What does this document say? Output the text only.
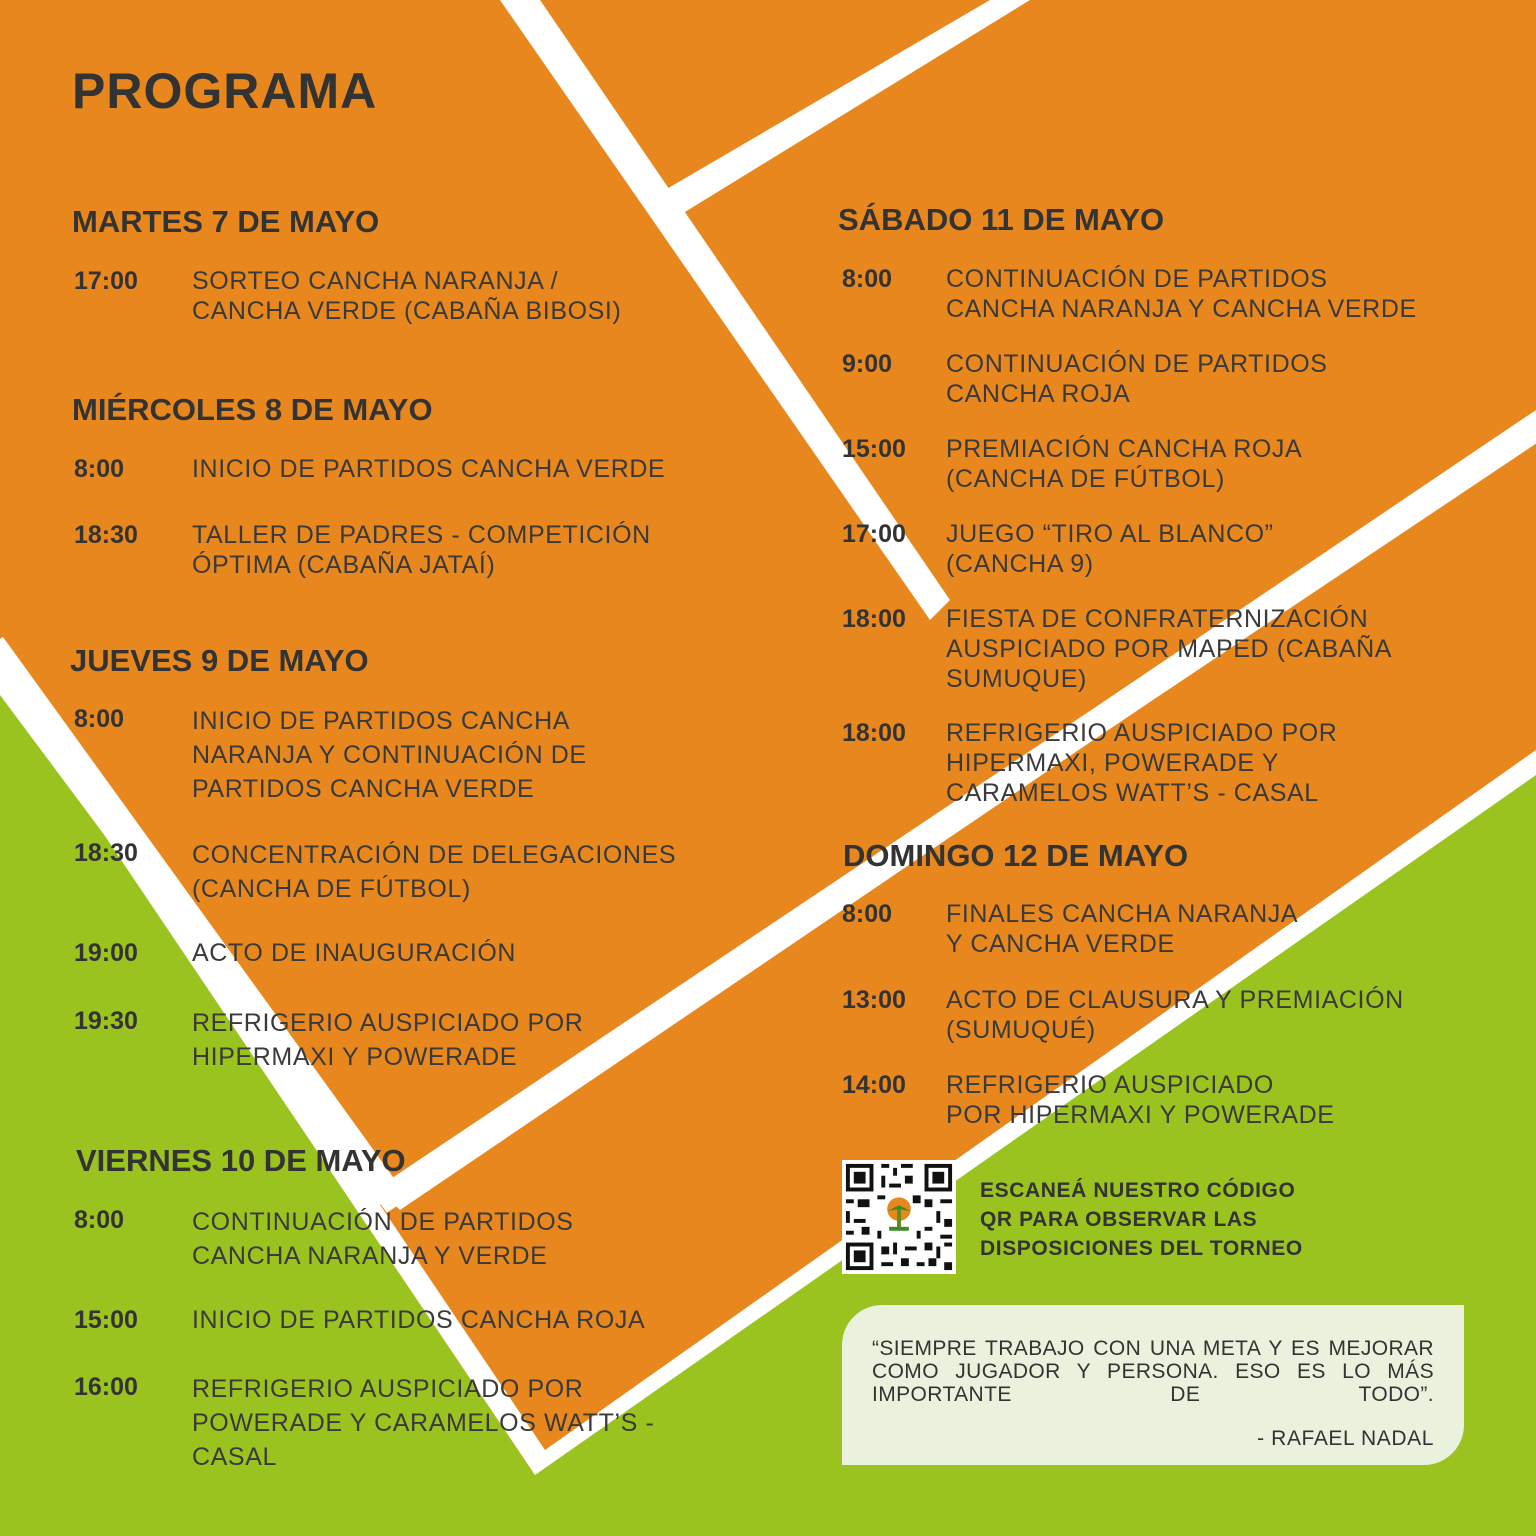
PROGRAMA
MARTES 7 DE MAYO
17:00 SORTEO CANCHA NARANJA /
CANCHA VERDE (CABAÑA BIBOSI)
MIÉRCOLES 8 DE MAYO
8:00	INICIO DE PARTIDOS CANCHA VERDE
18:30 TALLER DE PADRES - COMPETICIÓN
ÓPTIMA (CABAÑA JATAÍ)
JUEVES 9 DE MAYO
8:00	INICIO DE PARTIDOS CANCHA
NARANJA Y CONTINUACIÓN DE
PARTIDOS CANCHA VERDE
18:30 CONCENTRACIÓN DE DELEGACIONES
(CANCHA DE FÚTBOL)
19:00 ACTO DE INAUGURACIÓN
19:30 REFRIGERIO AUSPICIADO POR
HIPERMAXI Y POWERADE
VIERNES 10 DE MAYO
8:00	CONTINUACIÓN DE PARTIDOS
CANCHA NARANJA Y VERDE
15:00 INICIO DE PARTIDOS CANCHA ROJA
16:00 REFRIGERIO AUSPICIADO POR
POWERADE Y CARAMELOS WATT’S -
CASAL
SÁBADO 11 DE MAYO
8:00 CONTINUACIÓN DE PARTIDOS
CANCHA NARANJA Y CANCHA VERDE
9:00 CONTINUACIÓN DE PARTIDOS
CANCHA ROJA
15:00 PREMIACIÓN CANCHA ROJA
(CANCHA DE FÚTBOL)
17:00 JUEGO “TIRO AL BLANCO”
(CANCHA 9)
18:00 FIESTA DE CONFRATERNIZACIÓN
AUSPICIADO POR MAPED (CABAÑA
SUMUQUE)
18:00 REFRIGERIO AUSPICIADO POR
HIPERMAXI, POWERADE Y
CARAMELOS WATT’S - CASAL
DOMINGO 12 DE MAYO
8:00 FINALES CANCHA NARANJA
Y CANCHA VERDE
13:00 ACTO DE CLAUSURA Y PREMIACIÓN
(SUMUQUÉ)
14:00 REFRIGERIO AUSPICIADO
POR HIPERMAXI Y POWERADE
ESCANEÁ NUESTRO CÓDIGO
QR PARA OBSERVAR LAS
DISPOSICIONES DEL TORNEO
“SIEMPRE TRABAJO CON UNA META Y ES MEJORAR COMO JUGADOR Y PERSONA. ESO ES LO MÁS IMPORTANTE DE TODO”.
- RAFAEL NADAL
